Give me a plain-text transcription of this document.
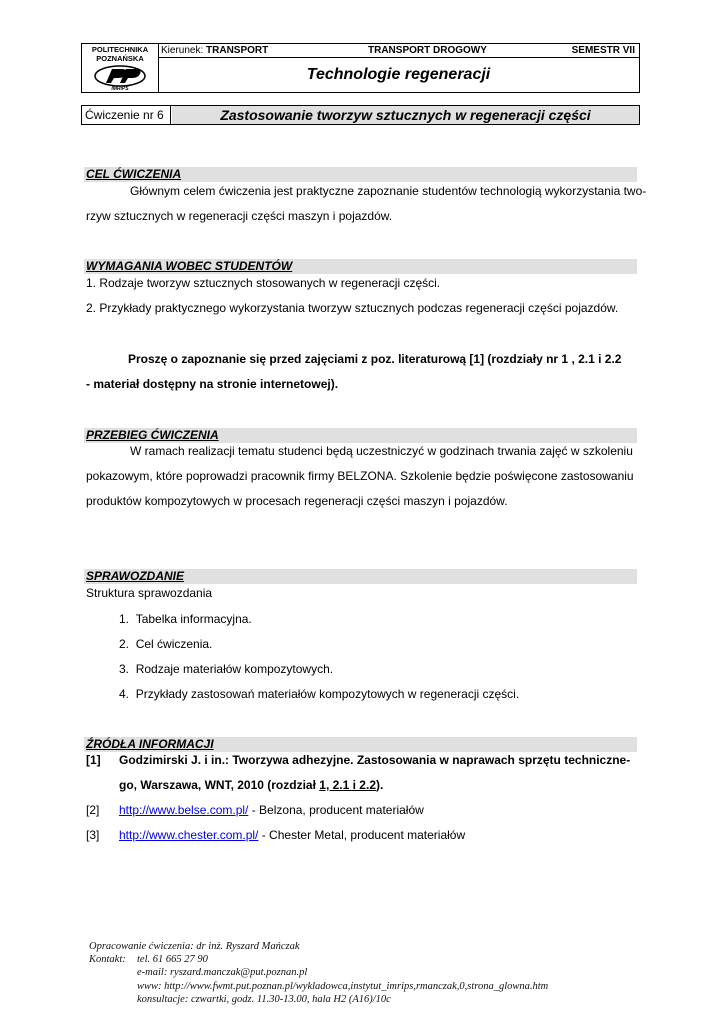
POLITECHNIKA
POZNAŃSKA
IMRiPS
Kierunek: TRANSPORT	TRANSPORT DROGOWY	SEMESTR VII
Technologie regeneracji
Ćwiczenie nr 6	Zastosowanie tworzyw sztucznych w regeneracji części
CEL ĆWICZENIA
Głównym celem ćwiczenia jest praktyczne zapoznanie studentów technologią wykorzystania two-
rzyw sztucznych w regeneracji części maszyn i pojazdów.
WYMAGANIA WOBEC STUDENTÓW
1. Rodzaje tworzyw sztucznych stosowanych w regeneracji części.
2. Przykłady praktycznego wykorzystania tworzyw sztucznych podczas regeneracji części pojazdów.
Proszę o zapoznanie się przed zajęciami z poz. literaturową [1] (rozdziały nr 1 , 2.1 i 2.2
- materiał dostępny na stronie internetowej).
PRZEBIEG ĆWICZENIA
W ramach realizacji tematu studenci będą uczestniczyć w godzinach trwania zajęć w szkoleniu
pokazowym, które poprowadzi pracownik firmy BELZONA. Szkolenie będzie poświęcone zastosowaniu
produktów kompozytowych w procesach regeneracji części maszyn i pojazdów.
SPRAWOZDANIE
Struktura sprawozdania
1. Tabelka informacyjna.
2. Cel ćwiczenia.
3. Rodzaje materiałów kompozytowych.
4. Przykłady zastosowań materiałów kompozytowych w regeneracji części.
ŹRÓDŁA INFORMACJI
[1] Godzimirski J. i in.: Tworzywa adhezyjne. Zastosowania w naprawach sprzętu techniczne-
go, Warszawa, WNT, 2010 (rozdział 1, 2.1 i 2.2).
[2] http://www.belse.com.pl/ - Belzona, producent materiałów
[3] http://www.chester.com.pl/ - Chester Metal, producent materiałów
Opracowanie ćwiczenia: dr inż. Ryszard Mańczak
Kontakt: tel. 61 665 27 90
e-mail: ryszard.manczak@put.poznan.pl
www: http://www.fwmt.put.poznan.pl/wykladowca,instytut_imrips,rmanczak,0,strona_glowna.htm
konsultacje: czwartki, godz. 11.30-13.00, hala H2 (A16)/10c
